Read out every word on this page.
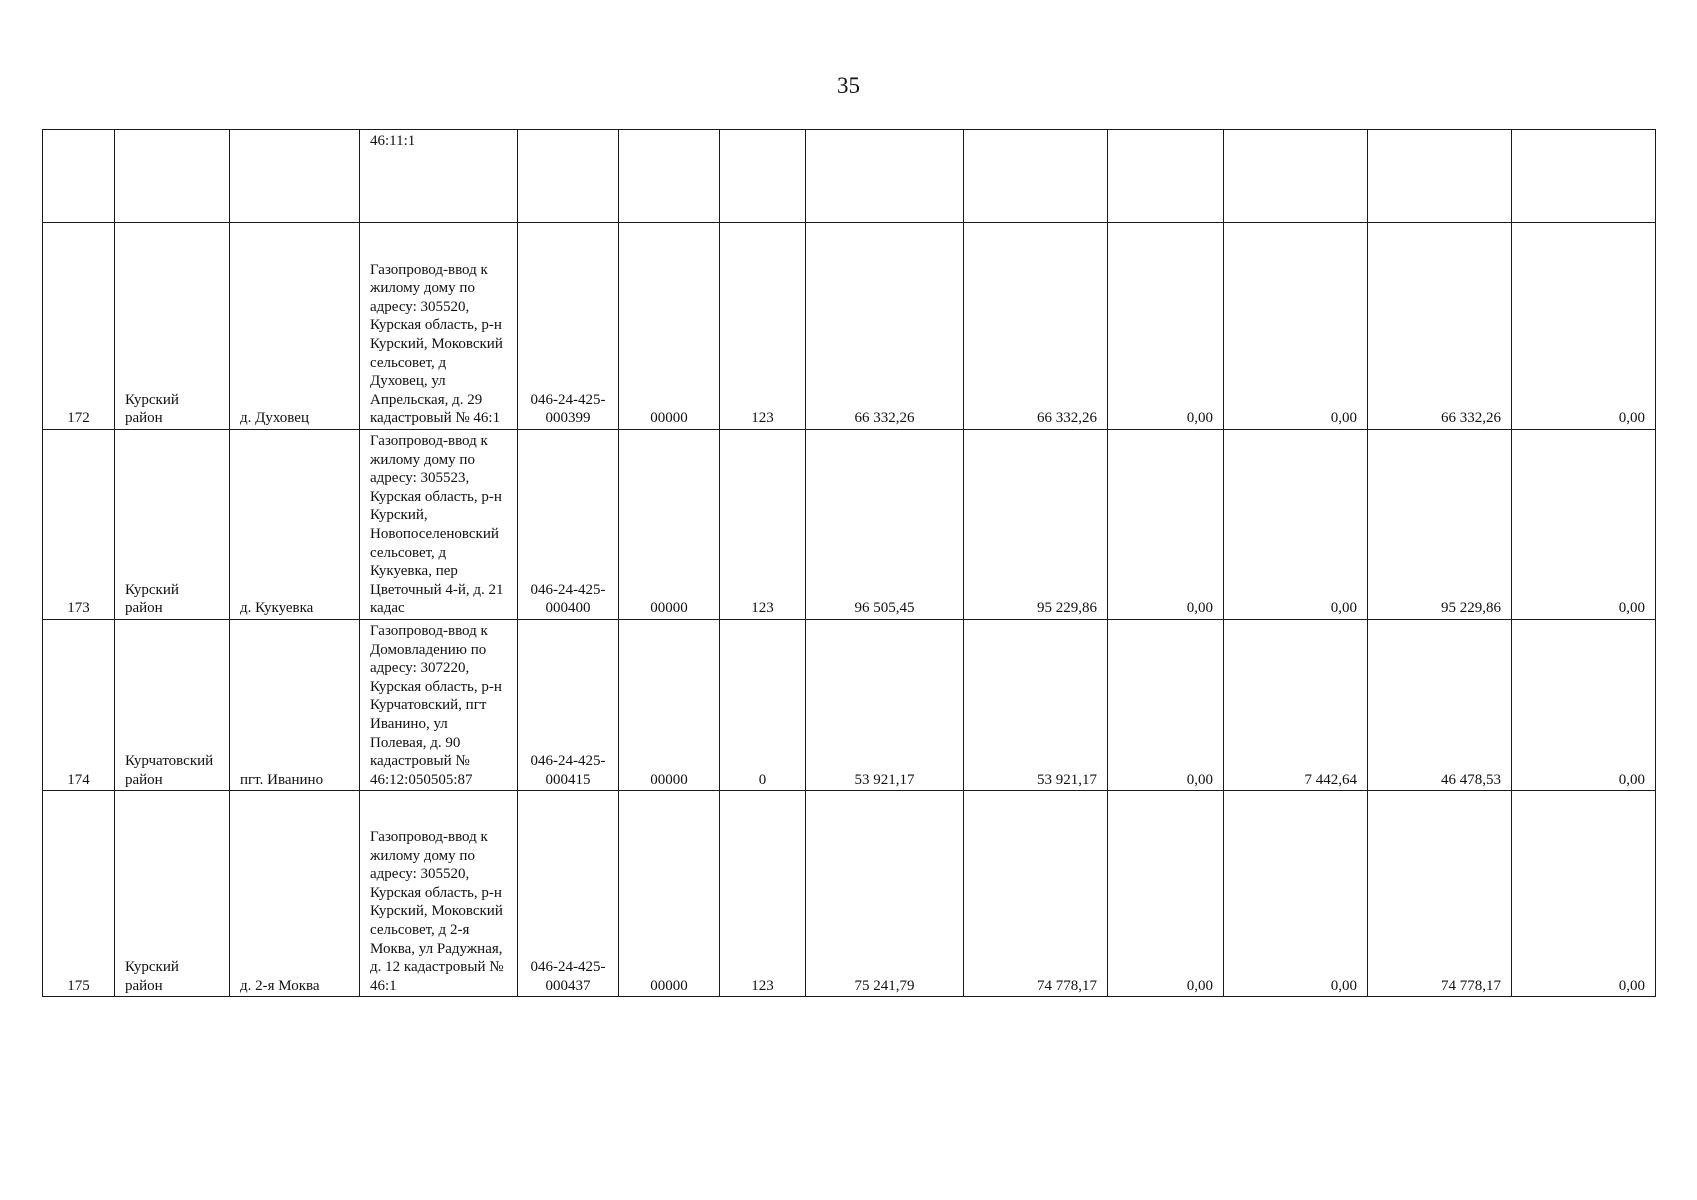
35
			46:11:1									
172	Курский район	д. Духовец	Газопровод-ввод к жилому дому по адресу: 305520, Курская область, р-н Курский, Моковский сельсовет, д Духовец, ул Апрельская, д. 29 кадастровый № 46:1	046-24-425-000399	00000	123	66 332,26	66 332,26	0,00	0,00	66 332,26	0,00
173	Курский район	д. Кукуевка	Газопровод-ввод к жилому дому по адресу: 305523, Курская область, р-н Курский, Новопоселеновский сельсовет, д Кукуевка, пер Цветочный 4-й, д. 21 кадас	046-24-425-000400	00000	123	96 505,45	95 229,86	0,00	0,00	95 229,86	0,00
174	Курчатовский район	пгт. Иванино	Газопровод-ввод к Домовладению по адресу: 307220, Курская область, р-н Курчатовский, пгт Иванино, ул Полевая, д. 90 кадастровый № 46:12:050505:87	046-24-425-000415	00000	0	53 921,17	53 921,17	0,00	7 442,64	46 478,53	0,00
175	Курский район	д. 2-я Моква	Газопровод-ввод к жилому дому по адресу: 305520, Курская область, р-н Курский, Моковский сельсовет, д 2-я Моква, ул Радужная, д. 12 кадастровый № 46:1	046-24-425-000437	00000	123	75 241,79	74 778,17	0,00	0,00	74 778,17	0,00
